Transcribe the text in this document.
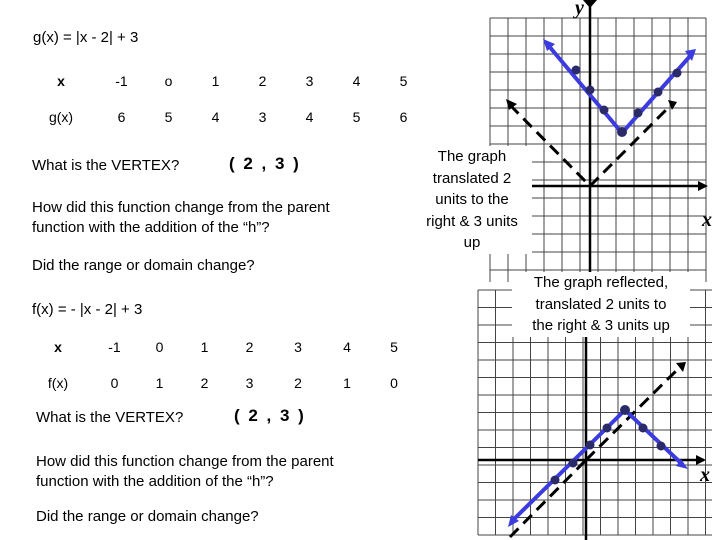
g(x) = |x - 2| + 3
x	-1	o	1	2	3	4	5
g(x)	6	5	4	3	4	5	6
What is the VERTEX?	( 2 , 3 )
How did this function change from the parent
function with the addition of the “h”?
Did the range or domain change?
y
x
The graph
translated 2
units to the
right & 3 units
up
f(x) = - |x - 2| + 3
x	-1	0	1	2	3	4	5
f(x)	0	1	2	3	2	1	0
What is the VERTEX?	( 2 , 3 )
How did this function change from the parent
function with the addition of the “h”?
Did the range or domain change?
x
The graph reflected,
translated 2 units to
the right & 3 units up
